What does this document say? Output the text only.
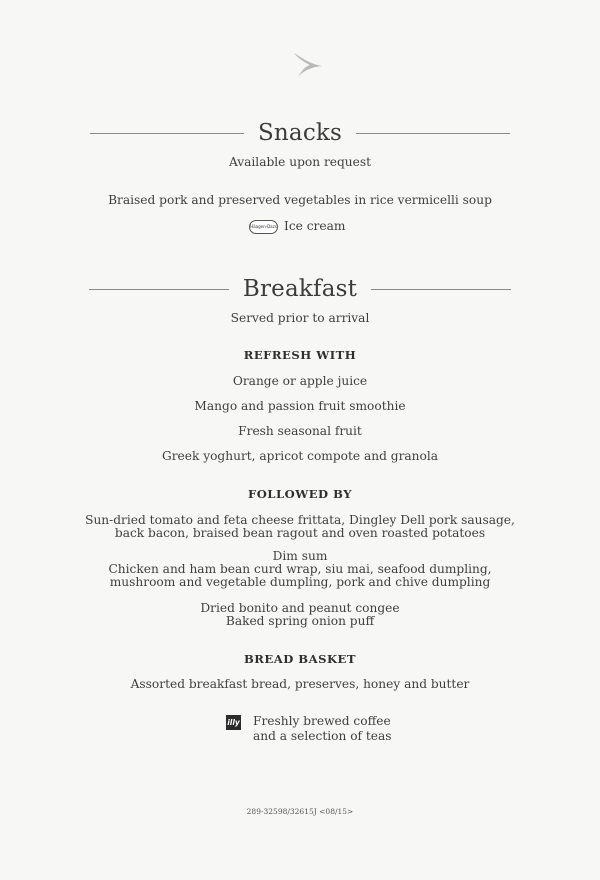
Snacks
Available upon request
Braised pork and preserved vegetables in rice vermicelli soup
Häagen-Dazs Ice cream
Breakfast
Served prior to arrival
REFRESH WITH
Orange or apple juice
Mango and passion fruit smoothie
Fresh seasonal fruit
Greek yoghurt, apricot compote and granola
FOLLOWED BY
Sun-dried tomato and feta cheese frittata, Dingley Dell pork sausage,
back bacon, braised bean ragout and oven roasted potatoes
Dim sum
Chicken and ham bean curd wrap, siu mai, seafood dumpling,
mushroom and vegetable dumpling, pork and chive dumpling
Dried bonito and peanut congee
Baked spring onion puff
BREAD BASKET
Assorted breakfast bread, preserves, honey and butter
illy Freshly brewed coffee
and a selection of teas
289-32598/32615J <08/15>
